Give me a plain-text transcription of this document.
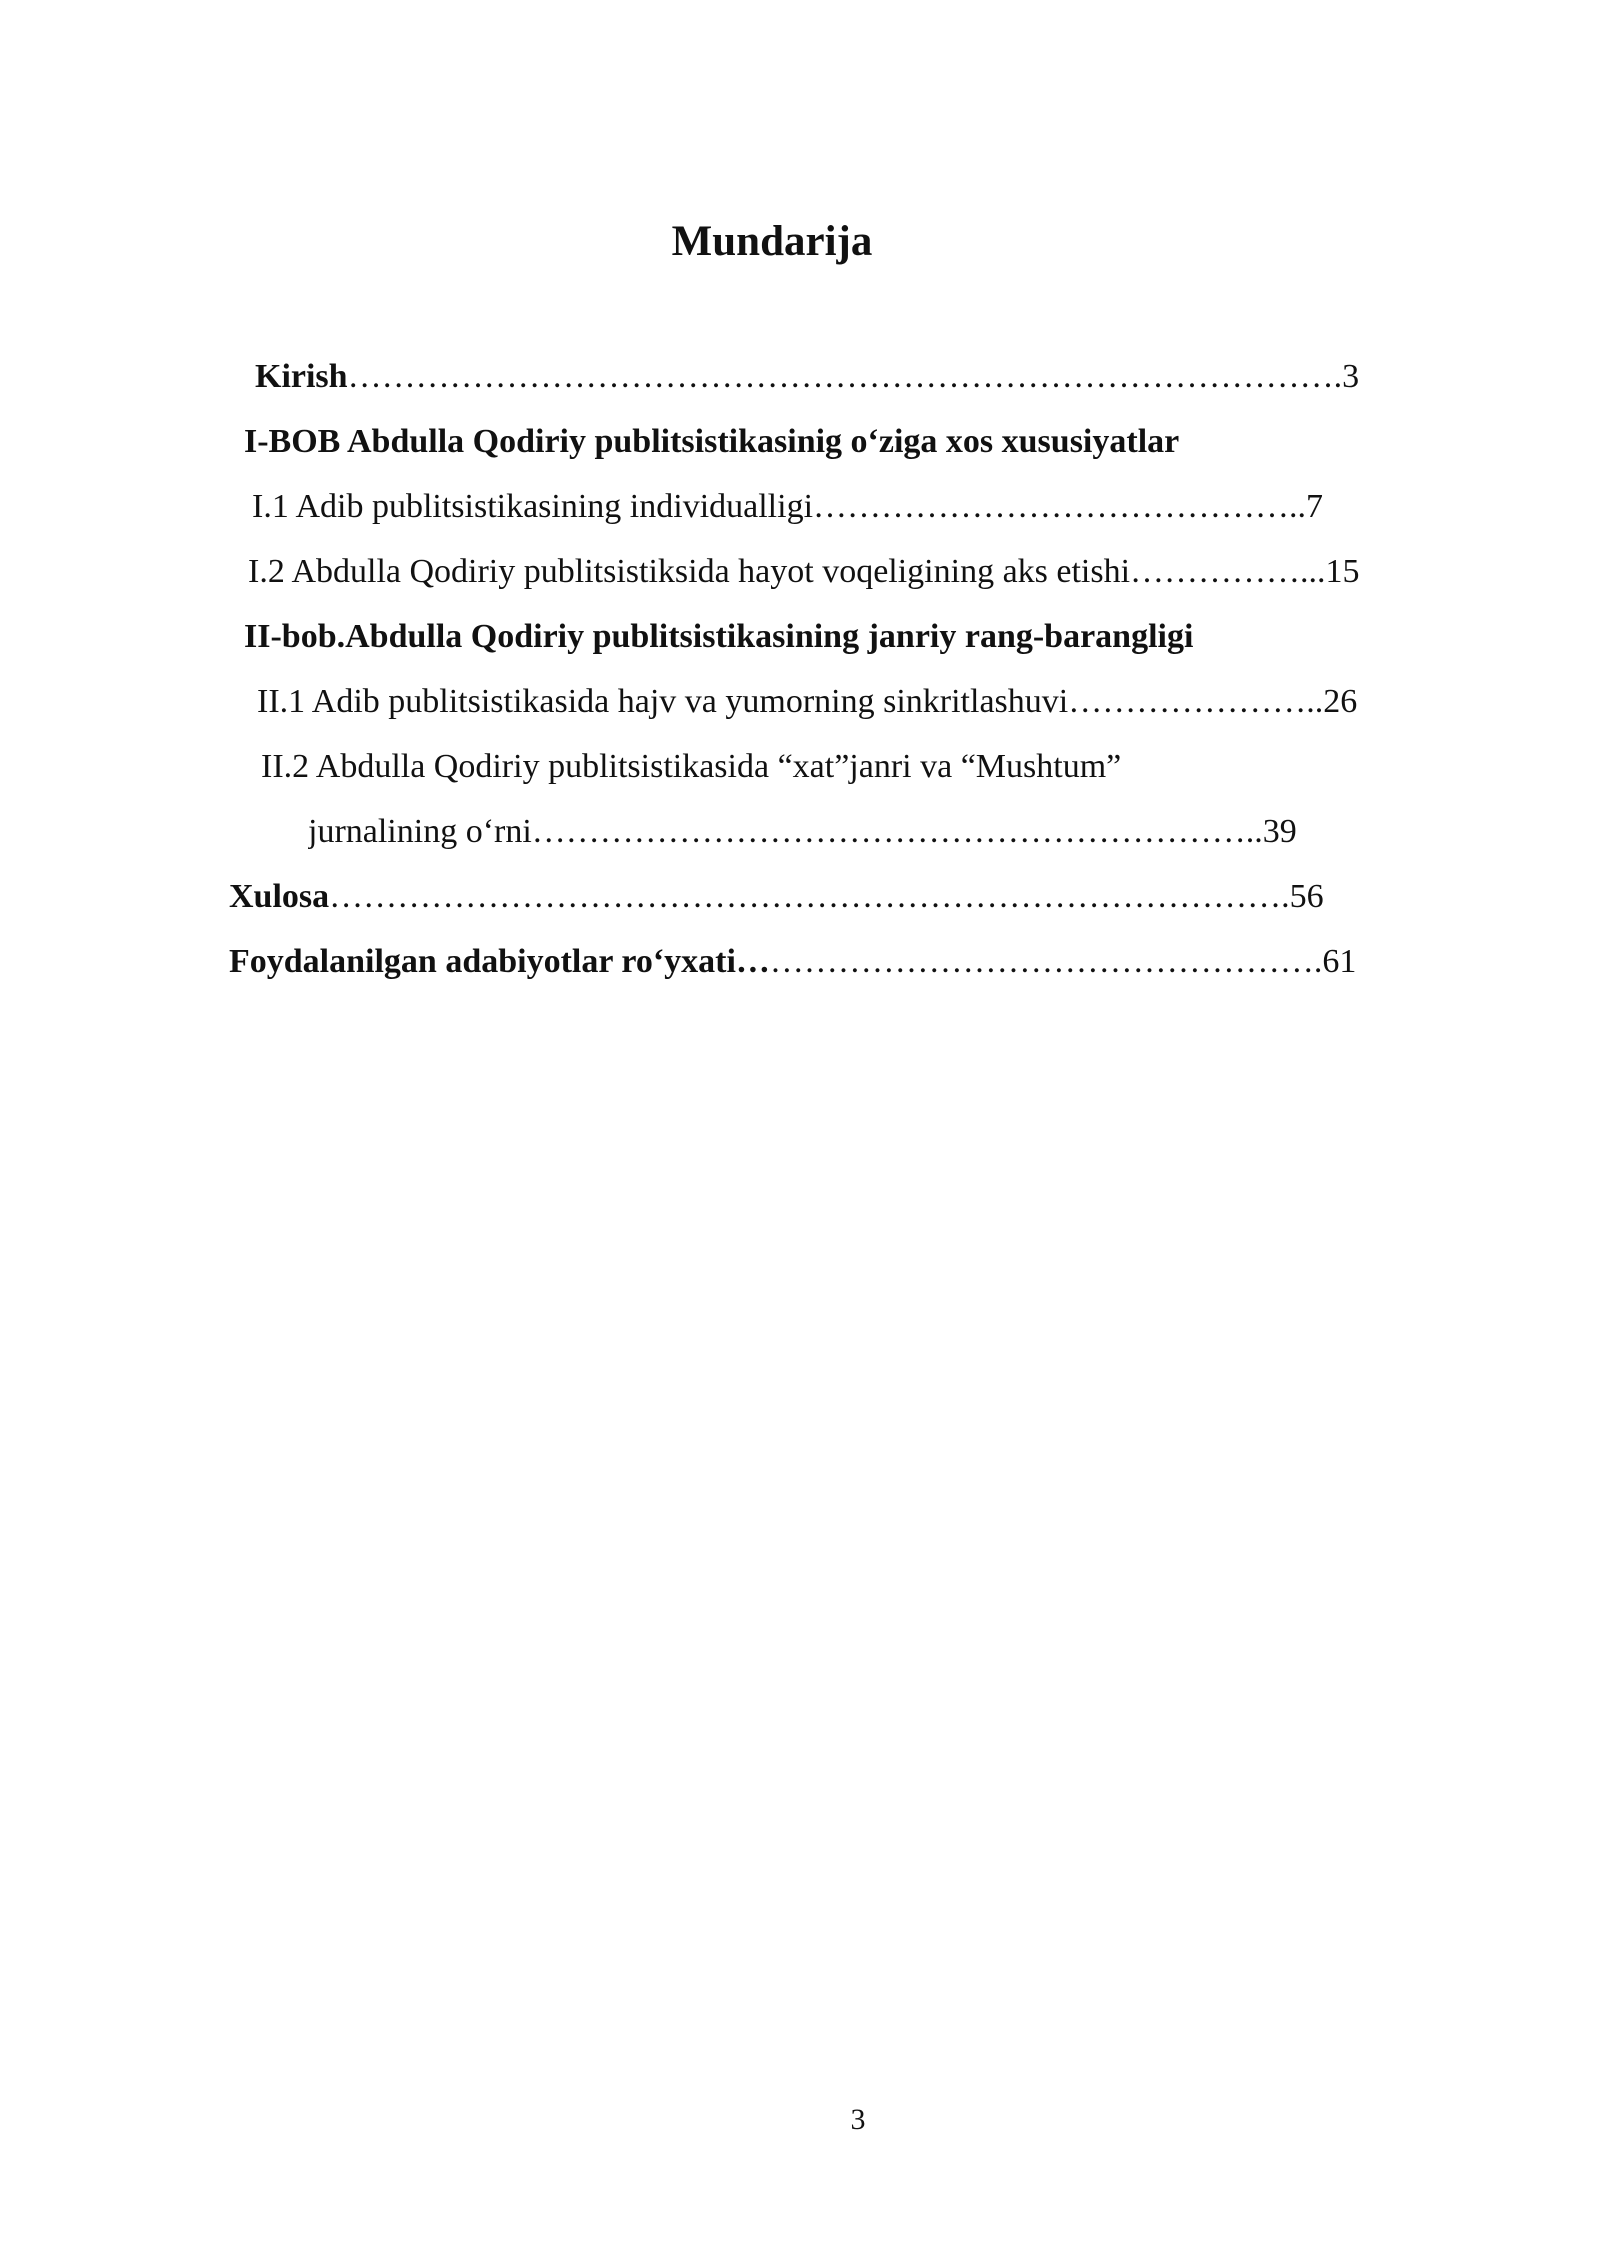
Mundarija
Kirish…………………………………………………………………………….3
I-BOB Abdulla Qodiriy publitsistikasinig o‘ziga xos xususiyatlar
I.1 Adib publitsistikasining individualligi……………………………………..7
I.2 Abdulla Qodiriy publitsistiksida hayot voqeligining aks etishi……………...15
II-bob.Abdulla Qodiriy publitsistikasining janriy rang-barangligi
II.1 Adib publitsistikasida hajv va yumorning sinkritlashuvi…………………..26
II.2 Abdulla Qodiriy publitsistikasida “xat”janri va “Mushtum”
jurnalining o‘rni………………………………………………………..39
Xulosa………………………………………………………………………….56
Foydalanilgan adabiyotlar ro‘yxati…………………………………………….61
3
